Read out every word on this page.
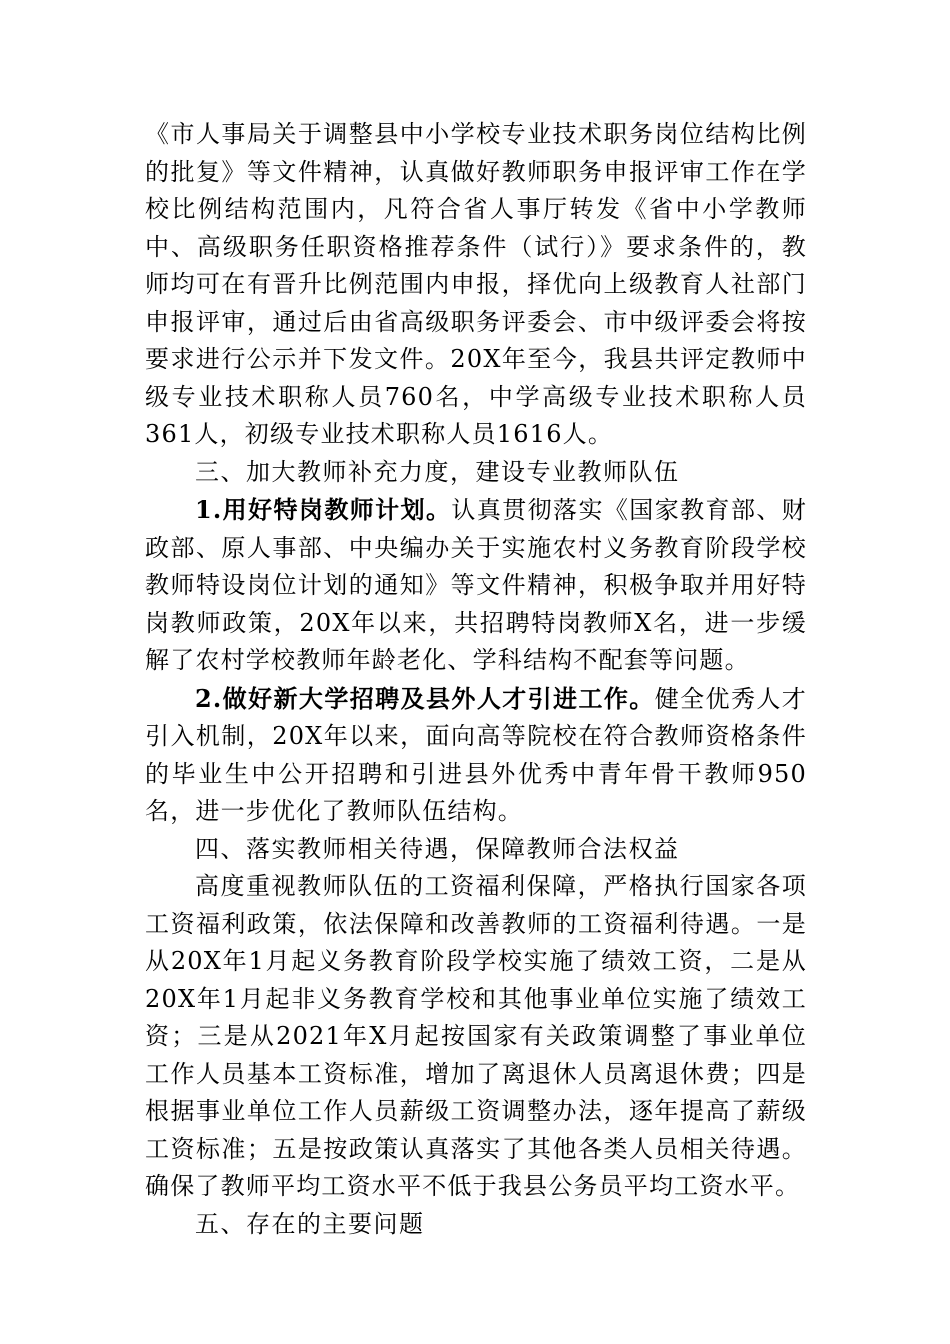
《市人事局关于调整县中小学校专业技术职务岗位结构比例的批复》等文件精神，认真做好教师职务申报评审工作在学校比例结构范围内，凡符合省人事厅转发《省中小学教师中、高级职务任职资格推荐条件（试行）》要求条件的，教师均可在有晋升比例范围内申报，择优向上级教育人社部门申报评审，通过后由省高级职务评委会、市中级评委会将按要求进行公示并下发文件。20X年至今，我县共评定教师中级专业技术职称人员760名，中学高级专业技术职称人员361人，初级专业技术职称人员1616人。

三、加大教师补充力度，建设专业教师队伍

1.用好特岗教师计划。认真贯彻落实《国家教育部、财政部、原人事部、中央编办关于实施农村义务教育阶段学校教师特设岗位计划的通知》等文件精神，积极争取并用好特岗教师政策，20X年以来，共招聘特岗教师X名，进一步缓解了农村学校教师年龄老化、学科结构不配套等问题。

2.做好新大学招聘及县外人才引进工作。健全优秀人才引入机制，20X年以来，面向高等院校在符合教师资格条件的毕业生中公开招聘和引进县外优秀中青年骨干教师950名，进一步优化了教师队伍结构。

四、落实教师相关待遇，保障教师合法权益

高度重视教师队伍的工资福利保障，严格执行国家各项工资福利政策，依法保障和改善教师的工资福利待遇。一是从20X年1月起义务教育阶段学校实施了绩效工资，二是从20X年1月起非义务教育学校和其他事业单位实施了绩效工资；三是从2021年X月起按国家有关政策调整了事业单位工作人员基本工资标准，增加了离退休人员离退休费；四是根据事业单位工作人员薪级工资调整办法，逐年提高了薪级工资标准；五是按政策认真落实了其他各类人员相关待遇。确保了教师平均工资水平不低于我县公务员平均工资水平。

五、存在的主要问题
